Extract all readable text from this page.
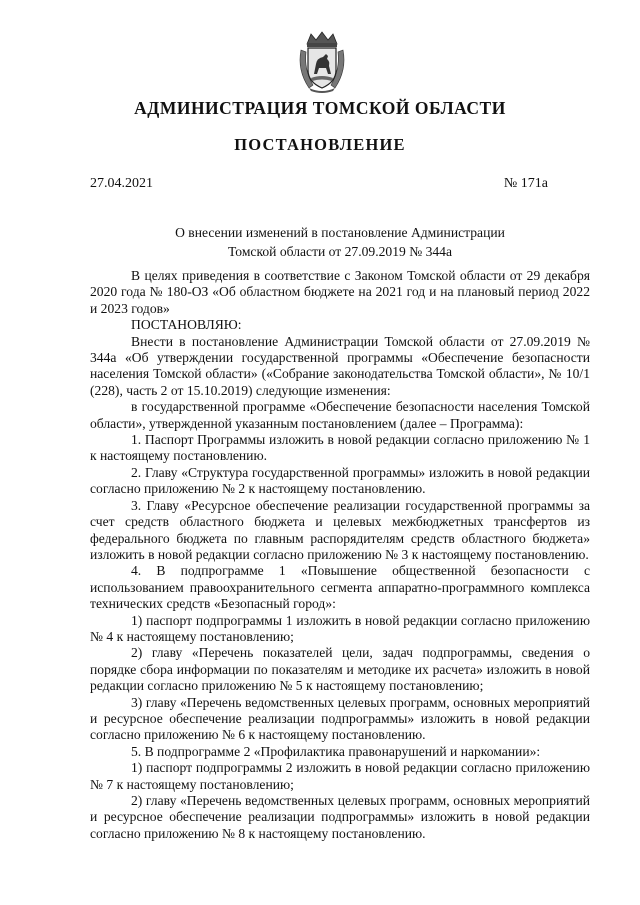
АДМИНИСТРАЦИЯ ТОМСКОЙ ОБЛАСТИ
ПОСТАНОВЛЕНИЕ
27.04.2021	№ 171а
О внесении изменений в постановление Администрации
Томской области от 27.09.2019 № 344а

В целях приведения в соответствие с Законом Томской области от 29 декабря 2020 года № 180-ОЗ «Об областном бюджете на 2021 год и на плановый период 2022 и 2023 годов»

ПОСТАНОВЛЯЮ:

Внести в постановление Администрации Томской области от 27.09.2019 № 344а «Об утверждении государственной программы «Обеспечение безопасности населения Томской области» («Собрание законодательства Томской области», № 10/1 (228), часть 2 от 15.10.2019) следующие изменения:

в государственной программе «Обеспечение безопасности населения Томской области», утвержденной указанным постановлением (далее – Программа):

1. Паспорт Программы изложить в новой редакции согласно приложению № 1 к настоящему постановлению.

2. Главу «Структура государственной программы» изложить в новой редакции согласно приложению № 2 к настоящему постановлению.

3. Главу «Ресурсное обеспечение реализации государственной программы за счет средств областного бюджета и целевых межбюджетных трансфертов из федерального бюджета по главным распорядителям средств областного бюджета» изложить в новой редакции согласно приложению № 3 к настоящему постановлению.

4. В подпрограмме 1 «Повышение общественной безопасности с использованием правоохранительного сегмента аппаратно-программного комплекса технических средств «Безопасный город»:

1) паспорт подпрограммы 1 изложить в новой редакции согласно приложению № 4 к настоящему постановлению;

2) главу «Перечень показателей цели, задач подпрограммы, сведения о порядке сбора информации по показателям и методике их расчета» изложить в новой редакции согласно приложению № 5 к настоящему постановлению;

3) главу «Перечень ведомственных целевых программ, основных мероприятий и ресурсное обеспечение реализации подпрограммы» изложить в новой редакции согласно приложению № 6 к настоящему постановлению.

5. В подпрограмме 2 «Профилактика правонарушений и наркомании»:

1) паспорт подпрограммы 2 изложить в новой редакции согласно приложению № 7 к настоящему постановлению;

2) главу «Перечень ведомственных целевых программ, основных мероприятий и ресурсное обеспечение реализации подпрограммы» изложить в новой редакции согласно приложению № 8 к настоящему постановлению.
